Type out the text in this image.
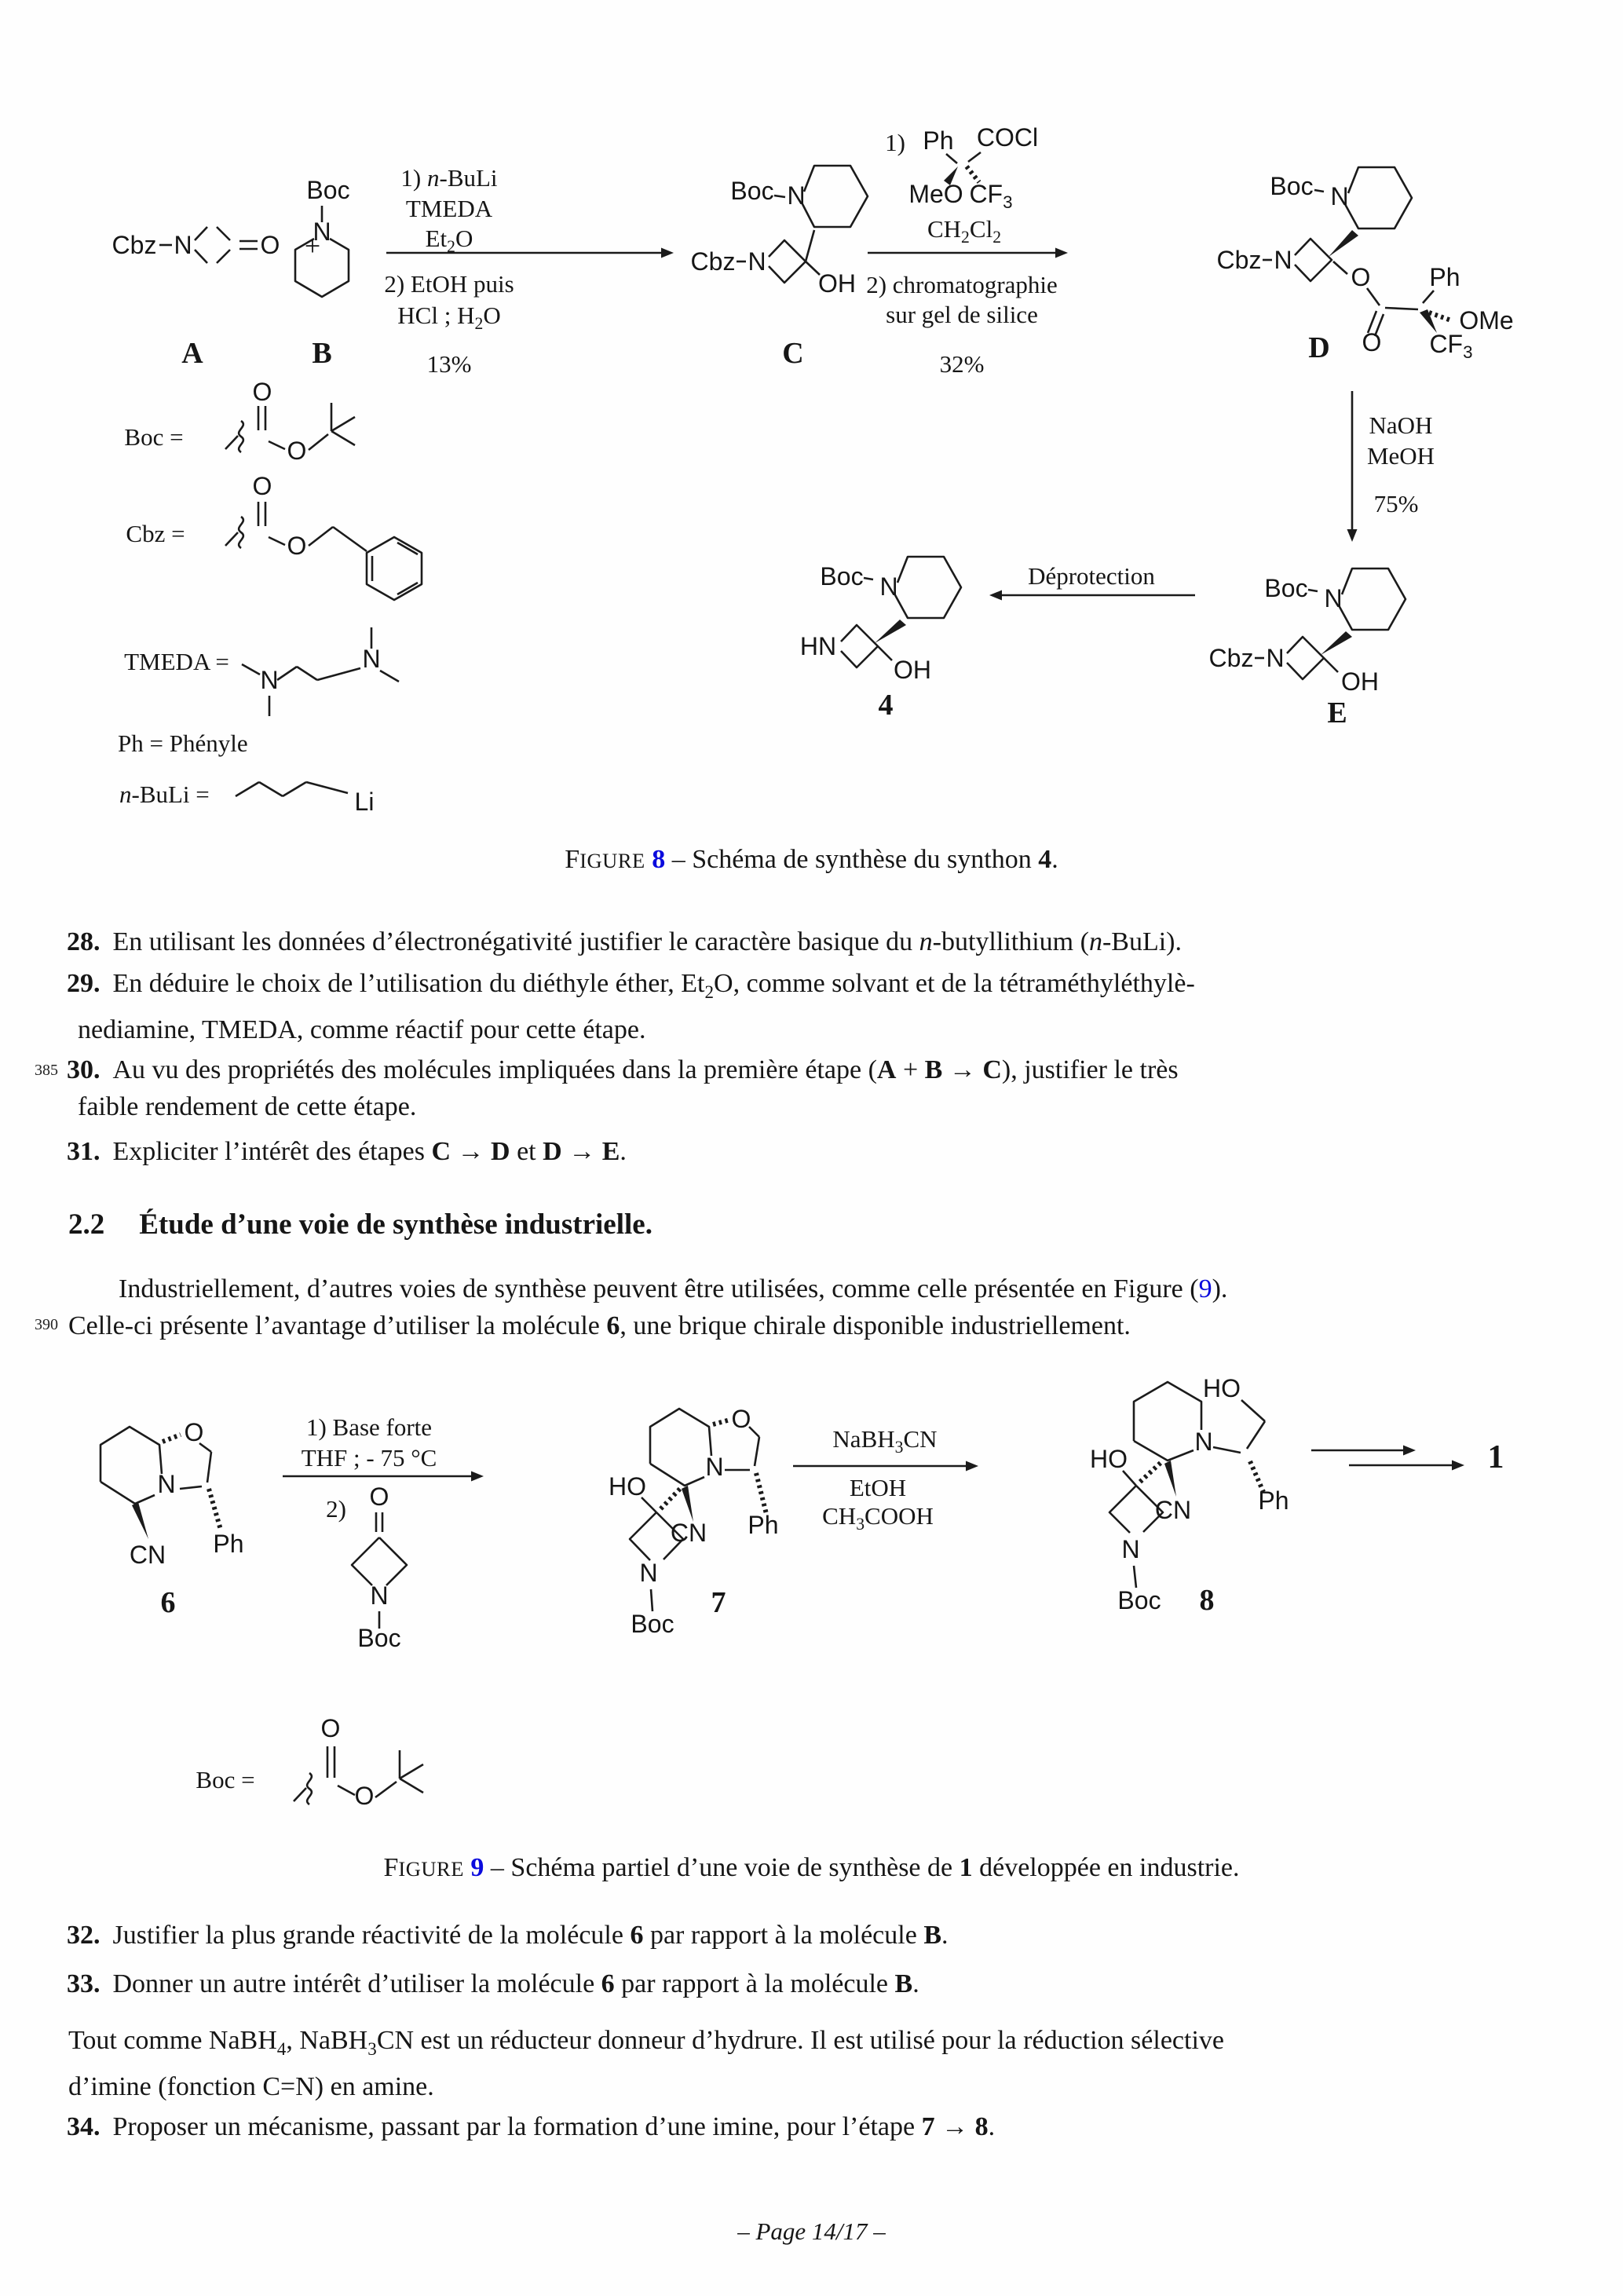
Cbz N	O +
A
Boc
N
B
1) n-BuLi
TMEDA
$Et_2O$
2) EtOH puis
HCl ; $H_2O$
13%
Boc N
Cbz N
OH
C
1) Ph COCl
MeO $CF_3$
$CH_2Cl_2$
2) chromatographie
sur gel de silice
32%
Boc N
Cbz N
O
O
Ph
OMe
$CF_3$
D
NaOH
MeOH
75%
Boc N
Cbz N
OH
E
Boc N
HN
OH
4
Déprotection
Boc =
O
O
Cbz =
O
O
TMEDA =
N
N
Ph = Phényle
n-BuLi =	Li
N
O
Ph
CN
6
1) Base forte
THF ; - 75 °C
2) O
N
Boc
HO
N
O
Ph
CN
N
Boc
7
NaBH$_3$CN
EtOH
$CH_3COOH$
HO
N
HO
CN	Ph
N
Boc 8
1
Boc =
O
O
FIGURE 8 – Schéma de synthèse du synthon 4.
FIGURE 9 – Schéma partiel d’une voie de synthèse de 1 développée en industrie.
385
390
2.2 Étude d’une voie de synthèse industrielle.
Industriellement, d’autres voies de synthèse peuvent être utilisées, comme celle présentée en Figure (9).
Celle-ci présente l’avantage d’utiliser la molécule 6, une brique chirale disponible industriellement.
Tout comme NaBH$_4$, NaBH$_3$CN est un réducteur donneur d’hydrure. Il est utilisé pour la réduction sélective
d’imine (fonction C=N) en amine.
28. En utilisant les données d’électronégativité justifier le caractère basique du n-butyllithium (n-BuLi).
29. En déduire le choix de l’utilisation du diéthyle éther, $Et_2O$, comme solvant et de la tétraméthyléthylè-
nediamine, TMEDA, comme réactif pour cette étape.
30. Au vu des propriétés des molécules impliquées dans la première étape (A + B → C), justifier le très
faible rendement de cette étape.
31. Expliciter l’intérêt des étapes C → D et D → E.
32. Justifier la plus grande réactivité de la molécule 6 par rapport à la molécule B.
33. Donner un autre intérêt d’utiliser la molécule 6 par rapport à la molécule B.
34. Proposer un mécanisme, passant par la formation d’une imine, pour l’étape 7 → 8.
– Page 14/17 –
